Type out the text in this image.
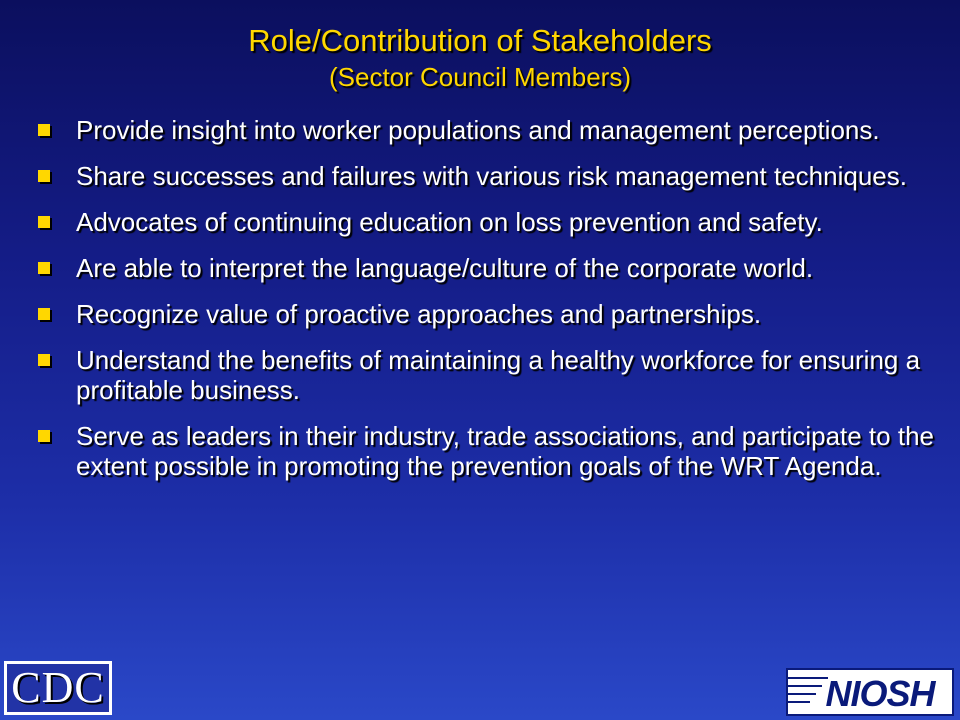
Role/Contribution of Stakeholders
(Sector Council Members)
Provide insight into worker populations and management perceptions.
Share successes and failures with various risk management techniques.
Advocates of continuing education on loss prevention and safety.
Are able to interpret the language/culture of the corporate world.
Recognize value of proactive approaches and partnerships.
Understand the benefits of maintaining a healthy workforce for ensuring a profitable business.
Serve as leaders in their industry, trade associations, and participate to the extent possible in promoting the prevention goals of the WRT Agenda.
CDC	NIOSH
